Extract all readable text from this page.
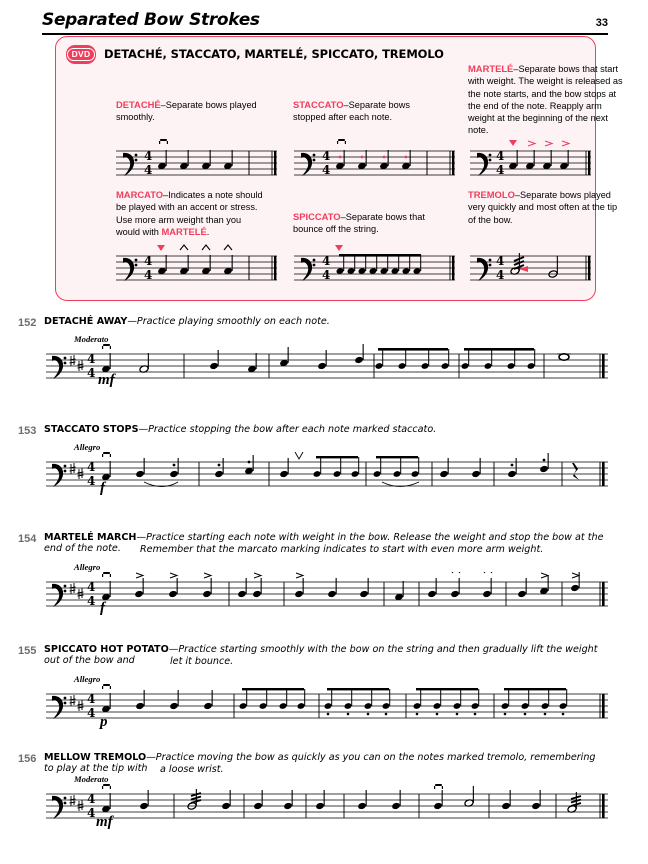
Separated Bow Strokes	33
DVD	DETACHÉ, STACCATO, MARTELÉ, SPICCATO, TREMOLO
DETACHÉ–Separate bows played smoothly.
STACCATO–Separate bows stopped after each note.
MARTELÉ–Separate bows that start with weight. The weight is released as the note starts, and the bow stops at the end of the note. Reapply arm weight at the beginning of the next note.
MARCATO–Indicates a note should be played with an accent or stress. Use more arm weight than you would with MARTELÉ.
SPICCATO–Separate bows that bounce off the string.
TREMOLO–Separate bows played very quickly and most often at the tip of the bow.
4
4
4
4
4
4
4
4
4
4
4
4
152 DETACHÉ AWAY—Practice playing smoothly on each note.
Moderato
mf
4
4
153 STACCATO STOPS—Practice stopping the bow after each note marked staccato.
Allegro
f
4
4
154 MARTELÉ MARCH—Practice starting each note with weight in the bow. Release the weight and stop the bow at the end of the note.	Remember that the marcato marking indicates to start with even more arm weight.
Allegro
f
4
4
155 SPICCATO HOT POTATO—Practice starting smoothly with the bow on the string and then gradually lift the weight out of the bow and	let it bounce.
Allegro
p
4
4
156 MELLOW TREMOLO—Practice moving the bow as quickly as you can on the notes marked tremolo, remembering to play at the tip with	a loose wrist.
Moderato
mf
4
4
